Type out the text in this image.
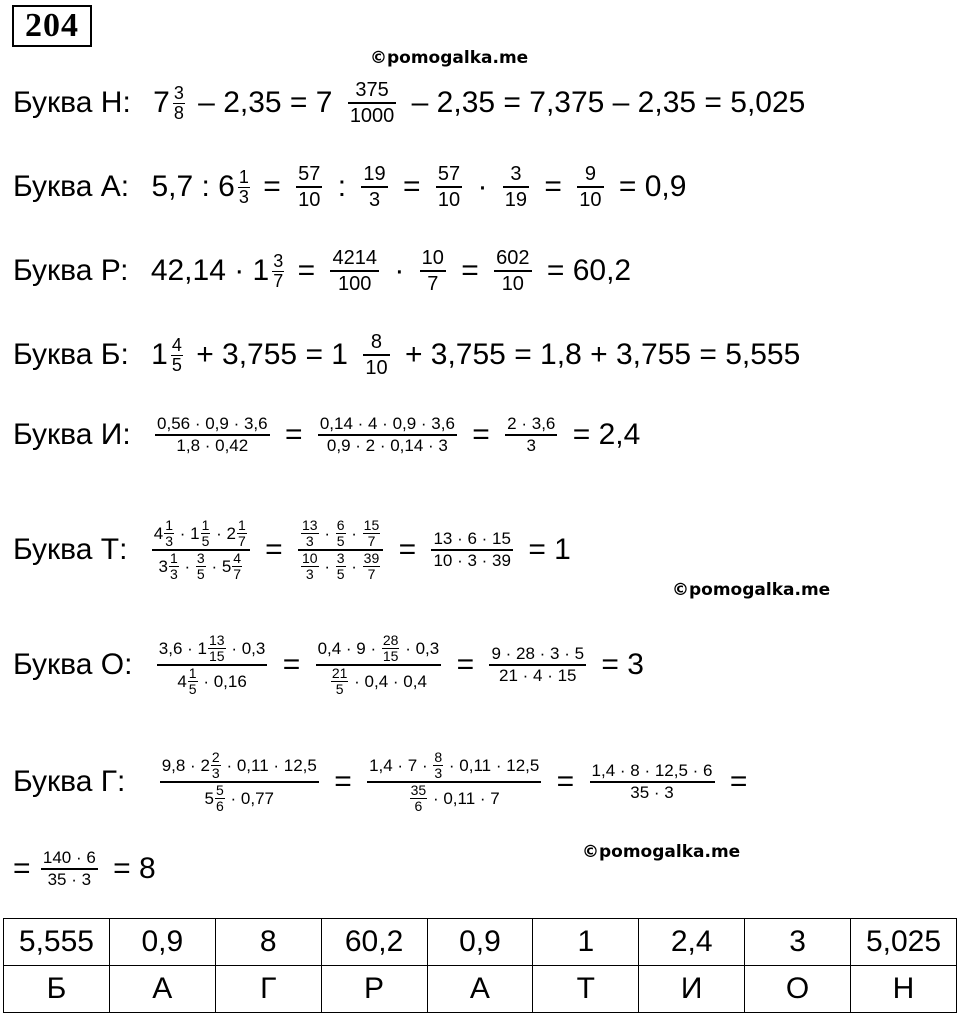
204
©pomogalka.me
Буква Н: 7 3
$8 - 2,35 = 7 \frac{375}{1000} - 2,35 = 7,375 - 2,35 = 5,025$
Буква А: 5,7 : 6 1
$3 = \frac{57}{10}$ : $\frac{19}{3} = \frac{57}{10} \cdot \frac{3}{19} = \frac{9}{10} = 0,9$
Буква Р: 42,14 · 1 3
$7 = \frac{4214}{100} \cdot \frac{10}{7} = \frac{602}{10} = 60,2$
Буква Б: 1 4
$5 + 3,755 = 1 \frac{8}{10} + 3,755 = 1,8 + 3,755 = 5,555$
Буква И: $\frac{0,56 \cdot 0,9 \cdot 3,6}{1,8 \cdot 0,42} = \frac{0,14 \cdot 4 \cdot 0,9 \cdot 3,6}{0,9 \cdot 2 \cdot 0,14 \cdot 3} = \frac{2 \cdot 3,6}{3} = 2,4$
Буква Т: 4 1
3
· 1 1
5
· 2 1
7
3 1
3
·
3
5
· 5 4
7 = 13
3
·
6
5
·
15
7
10
3
·
3
5
·
39
$7 = \frac{13 \cdot 6 \cdot 15}{10 \cdot 3 \cdot 39} = 1$
©pomogalka.me
Буква О: 3,6 · 1 13
15
· 0,3
4 1
5
· 0,16 = 0,4 · 9 ·
28
15
· 0,3
21
5
· $0,4 \cdot 0,4 = \frac{9 \cdot 28 \cdot 3 \cdot 5}{21 \cdot 4 \cdot 15} = 3$
Буква Г: 9,8 · 2 2
3
· 0,11 · 12,5
5 5
6
· 0,77 = 1,4 · 7 ·
8
3
· 0,11 · 12,5
35
6
· $0,11 \cdot 7 = \frac{1,4 \cdot 8 \cdot 12,5 \cdot 6}{35 \cdot 3}$ =
= $\frac{140 \cdot 6}{35 \cdot 3} = 8$	©pomogalka.me
5,555	0,9	8	60,2	0,9	1	2,4	3	5,025
Б	А	Г	Р	А	Т	И	О	Н
